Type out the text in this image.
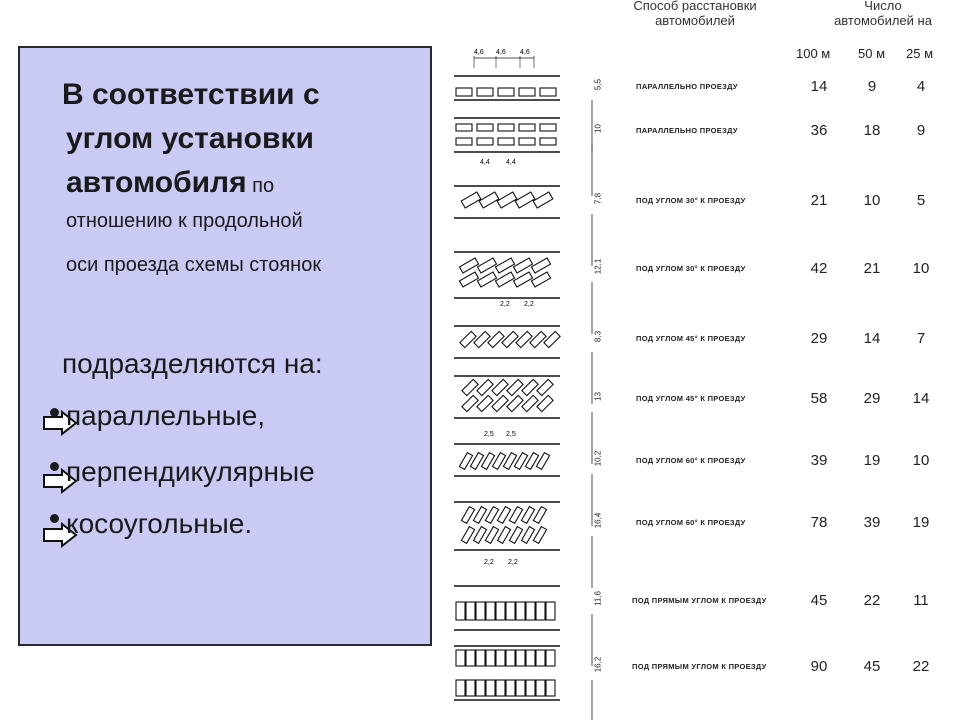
В соответствии с
углом установки
автомобиля по
отношению к продольной
оси проезда схемы стоянок
подразделяются на:
параллельные,
перпендикулярные
косоугольные.
Способ расстановки
автомобилей
Число
автомобилей на
100 м 50 м 25 м
4,6 4,6 4,6
4,4 4,4
2,2 2,2
2,5 2,5
2,2 2,2
5,5	ПАРАЛЛЕЛЬНО ПРОЕЗДУ	14	9	4
10	ПАРАЛЛЕЛЬНО ПРОЕЗДУ	36	18	9
7,8	ПОД УГЛОМ 30° К ПРОЕЗДУ	21	10	5
12,1	ПОД УГЛОМ 30° К ПРОЕЗДУ	42	21	10
8,3	ПОД УГЛОМ 45° К ПРОЕЗДУ	29	14	7
13	ПОД УГЛОМ 45° К ПРОЕЗДУ	58	29	14
10,2	ПОД УГЛОМ 60° К ПРОЕЗДУ	39	19	10
16,4	ПОД УГЛОМ 60° К ПРОЕЗДУ	78	39	19
11,6	ПОД ПРЯМЫМ УГЛОМ К ПРОЕЗДУ	45	22	11
16,2	ПОД ПРЯМЫМ УГЛОМ К ПРОЕЗДУ	90	45	22
